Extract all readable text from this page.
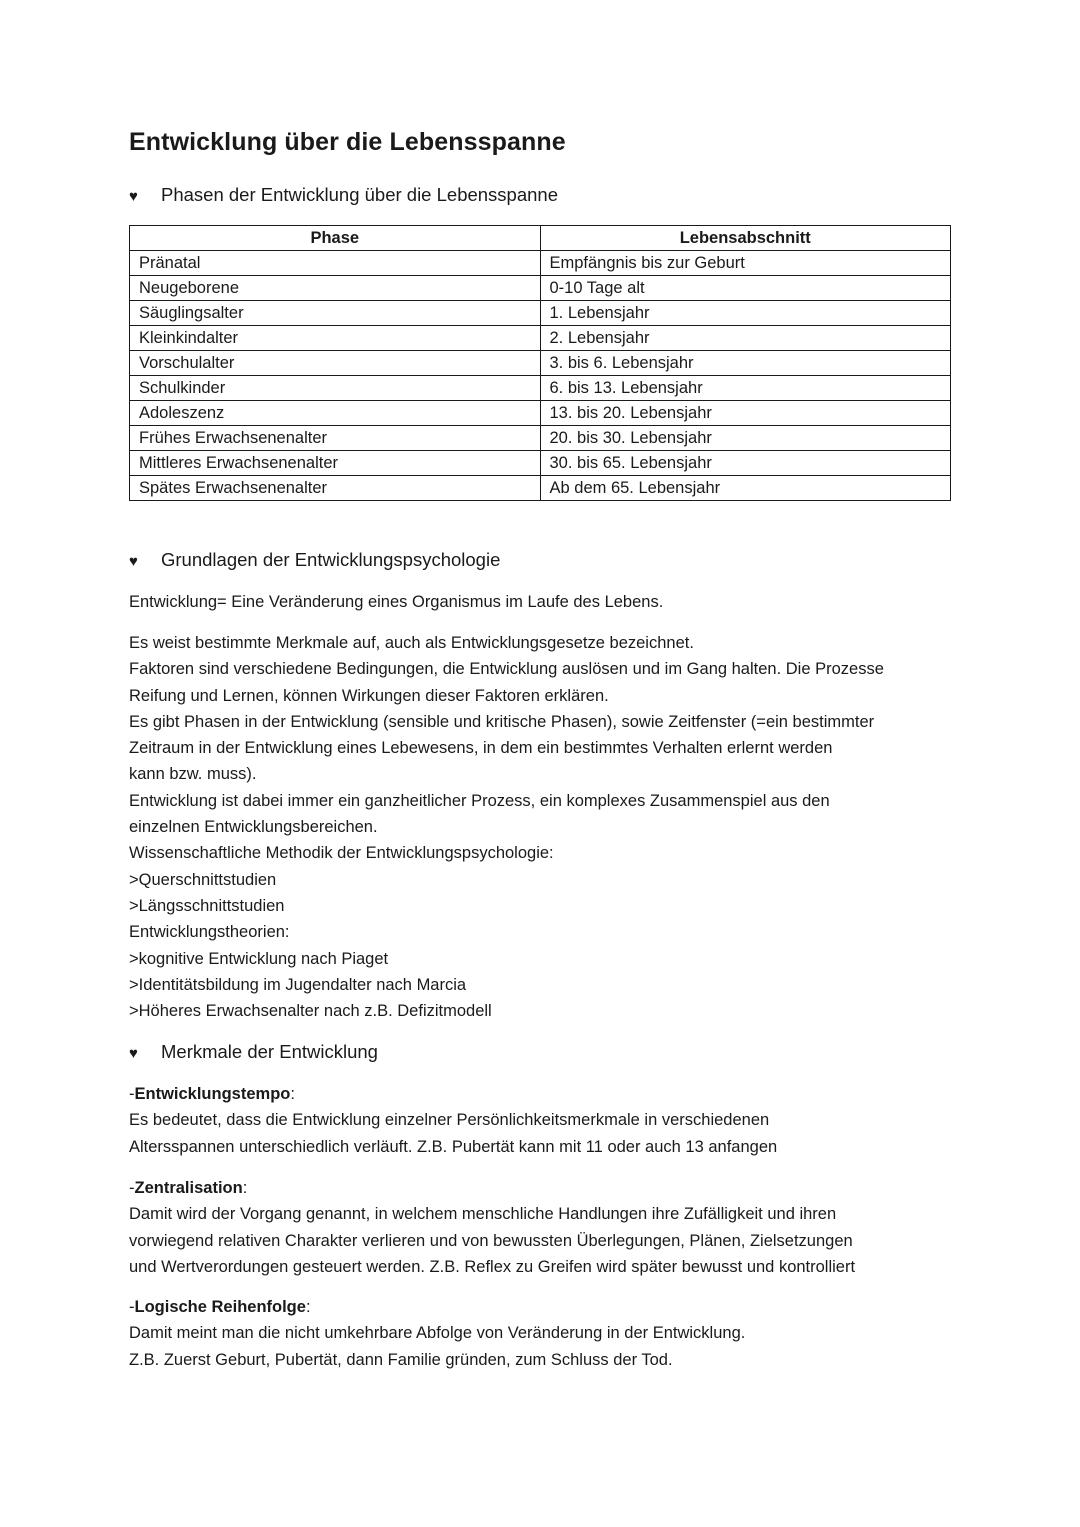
Entwicklung über die Lebensspanne
♥ Phasen der Entwicklung über die Lebensspanne
Phase	Lebensabschnitt
Pränatal	Empfängnis bis zur Geburt
Neugeborene	0-10 Tage alt
Säuglingsalter	1. Lebensjahr
Kleinkindalter	2. Lebensjahr
Vorschulalter	3. bis 6. Lebensjahr
Schulkinder	6. bis 13. Lebensjahr
Adoleszenz	13. bis 20. Lebensjahr
Frühes Erwachsenenalter	20. bis 30. Lebensjahr
Mittleres Erwachsenenalter	30. bis 65. Lebensjahr
Spätes Erwachsenenalter	Ab dem 65. Lebensjahr
♥ Grundlagen der Entwicklungspsychologie
Entwicklung= Eine Veränderung eines Organismus im Laufe des Lebens.
Es weist bestimmte Merkmale auf, auch als Entwicklungsgesetze bezeichnet.
Faktoren sind verschiedene Bedingungen, die Entwicklung auslösen und im Gang halten. Die Prozesse
Reifung und Lernen, können Wirkungen dieser Faktoren erklären.
Es gibt Phasen in der Entwicklung (sensible und kritische Phasen), sowie Zeitfenster (=ein bestimmter
Zeitraum in der Entwicklung eines Lebewesens, in dem ein bestimmtes Verhalten erlernt werden
kann bzw. muss).
Entwicklung ist dabei immer ein ganzheitlicher Prozess, ein komplexes Zusammenspiel aus den
einzelnen Entwicklungsbereichen.
Wissenschaftliche Methodik der Entwicklungspsychologie:
>Querschnittstudien
>Längsschnittstudien
Entwicklungstheorien:
>kognitive Entwicklung nach Piaget
>Identitätsbildung im Jugendalter nach Marcia
>Höheres Erwachsenalter nach z.B. Defizitmodell
♥ Merkmale der Entwicklung
-Entwicklungstempo:
Es bedeutet, dass die Entwicklung einzelner Persönlichkeitsmerkmale in verschiedenen
Altersspannen unterschiedlich verläuft. Z.B. Pubertät kann mit 11 oder auch 13 anfangen
-Zentralisation:
Damit wird der Vorgang genannt, in welchem menschliche Handlungen ihre Zufälligkeit und ihren
vorwiegend relativen Charakter verlieren und von bewussten Überlegungen, Plänen, Zielsetzungen
und Wertverordungen gesteuert werden. Z.B. Reflex zu Greifen wird später bewusst und kontrolliert
-Logische Reihenfolge:
Damit meint man die nicht umkehrbare Abfolge von Veränderung in der Entwicklung.
Z.B. Zuerst Geburt, Pubertät, dann Familie gründen, zum Schluss der Tod.
